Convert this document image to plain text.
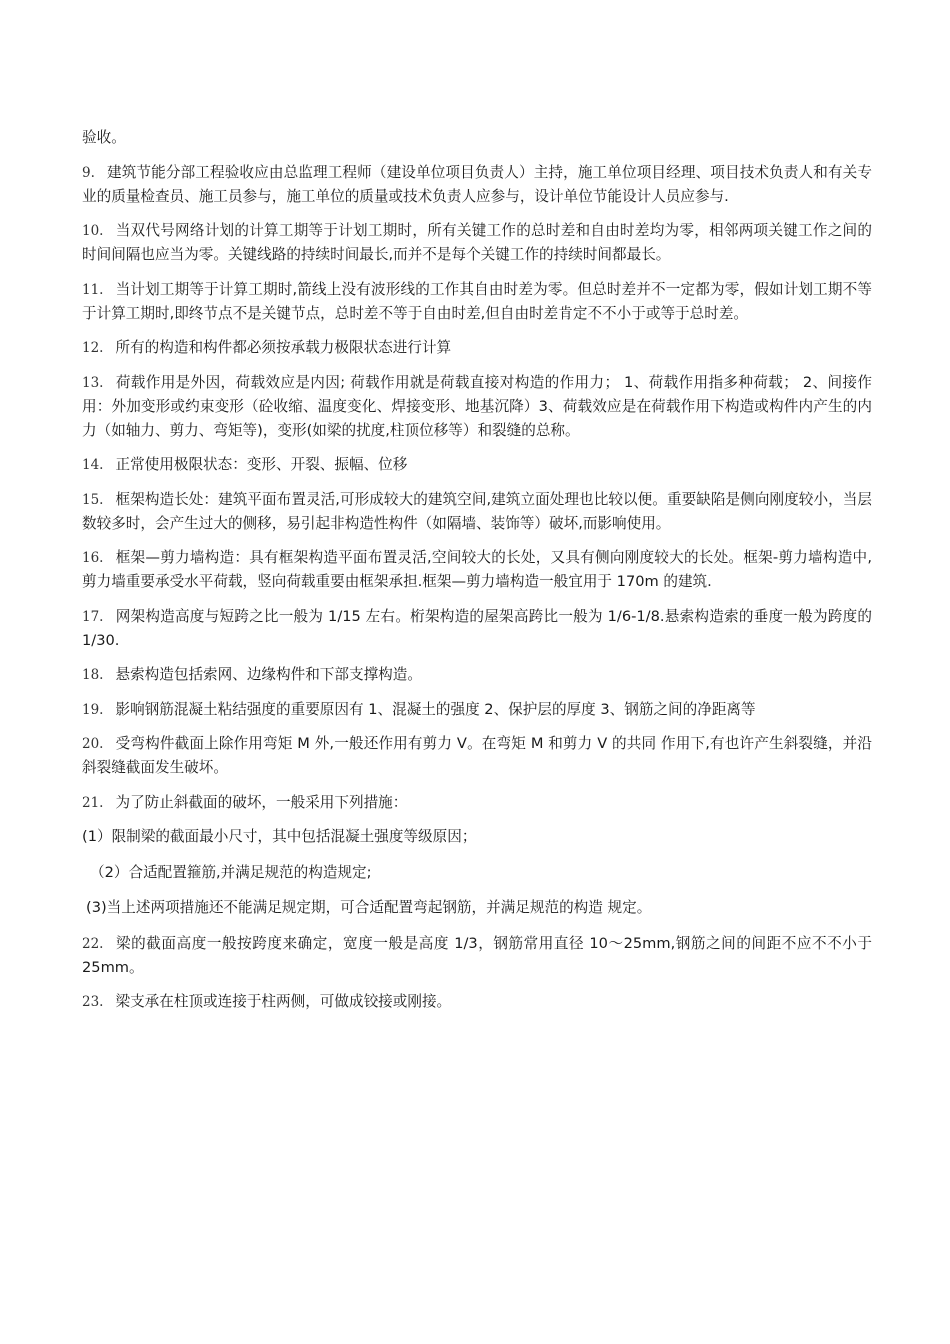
验收。

9. 建筑节能分部工程验收应由总监理工程师（建设单位项目负责人）主持，施工单位项目经理、项目技术负责人和有关专业的质量检查员、施工员参与，施工单位的质量或技术负责人应参与，设计单位节能设计人员应参与.

10. 当双代号网络计划的计算工期等于计划工期时，所有关键工作的总时差和自由时差均为零，相邻两项关键工作之间的时间间隔也应当为零。关键线路的持续时间最长,而并不是每个关键工作的持续时间都最长。

11. 当计划工期等于计算工期时,箭线上没有波形线的工作其自由时差为零。但总时差并不一定都为零，假如计划工期不等于计算工期时,即终节点不是关键节点，总时差不等于自由时差,但自由时差肯定不不小于或等于总时差。

12. 所有的构造和构件都必须按承载力极限状态进行计算

13. 荷载作用是外因，荷载效应是内因; 荷载作用就是荷载直接对构造的作用力； 1、荷载作用指多种荷载； 2、间接作用：外加变形或约束变形（砼收缩、温度变化、焊接变形、地基沉降）3、荷载效应是在荷载作用下构造或构件内产生的内力（如轴力、剪力、弯矩等)，变形(如梁的扰度,柱顶位移等）和裂缝的总称。

14. 正常使用极限状态：变形、开裂、振幅、位移

15. 框架构造长处：建筑平面布置灵活,可形成较大的建筑空间,建筑立面处理也比较以便。重要缺陷是侧向刚度较小，当层数较多时，会产生过大的侧移，易引起非构造性构件（如隔墙、装饰等）破坏,而影响使用。

16. 框架—剪力墙构造：具有框架构造平面布置灵活,空间较大的长处，又具有侧向刚度较大的长处。框架-剪力墙构造中,剪力墙重要承受水平荷载，竖向荷载重要由框架承担.框架—剪力墙构造一般宜用于 170m 的建筑.

17. 网架构造高度与短跨之比一般为 1/15 左右。桁架构造的屋架高跨比一般为 1/6-1/8.悬索构造索的垂度一般为跨度的 1/30.

18. 悬索构造包括索网、边缘构件和下部支撑构造。

19. 影响钢筋混凝土粘结强度的重要原因有 1、混凝土的强度 2、保护层的厚度 3、钢筋之间的净距离等

20. 受弯构件截面上除作用弯矩 M 外,一般还作用有剪力 V。在弯矩 M 和剪力 V 的共同 作用下,有也许产生斜裂缝，并沿斜裂缝截面发生破坏。

21. 为了防止斜截面的破坏，一般采用下列措施：

(1）限制梁的截面最小尺寸，其中包括混凝土强度等级原因；

（2）合适配置箍筋,并满足规范的构造规定;

(3)当上述两项措施还不能满足规定期，可合适配置弯起钢筋，并满足规范的构造 规定。

22. 梁的截面高度一般按跨度来确定，宽度一般是高度 1/3，钢筋常用直径 10～25mm,钢筋之间的间距不应不不小于 25mm。

23. 梁支承在柱顶或连接于柱两侧，可做成铰接或刚接。
